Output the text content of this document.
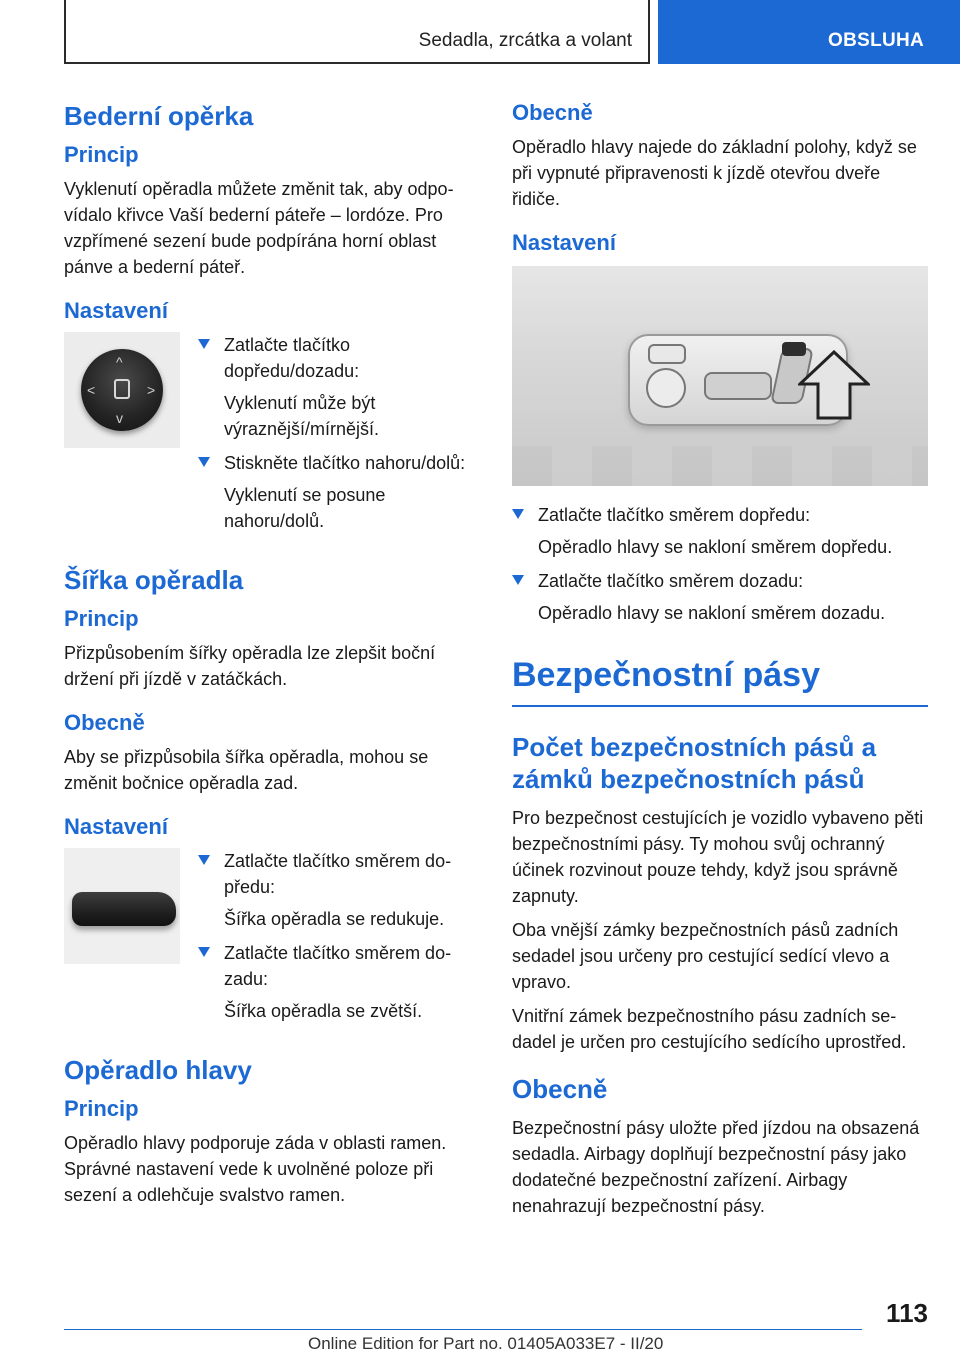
Sedadla, zrcátka a volant	OBSLUHA
Bederní opěrka
Princip

Vyklenutí opěradla můžete změnit tak, aby odpovídalo křivce Vaší bederní páteře – lordóze. Pro vzpřímené sezení bude podpírána horní oblast pánve a bederní páteř.

Nastavení
^
v
<	>
Zatlačte tlačítko dopředu/dozadu:
Vyklenutí může být výraznější/mírnější.
Stiskněte tlačítko nahoru/dolů:
Vyklenutí se posune nahoru/dolů.
Šířka opěradla
Princip

Přizpůsobením šířky opěradla lze zlepšit boční držení při jízdě v zatáčkách.

Obecně

Aby se přizpůsobila šířka opěradla, mohou se změnit bočnice opěradla zad.

Nastavení
Zatlačte tlačítko směrem dopředu:
Šířka opěradla se redukuje.
Zatlačte tlačítko směrem dozadu:
Šířka opěradla se zvětší.
Opěradlo hlavy
Princip

Opěradlo hlavy podporuje záda v oblasti ramen. Správné nastavení vede k uvolněné poloze při sezení a odlehčuje svalstvo ramen.

Obecně

Opěradlo hlavy najede do základní polohy, když se při vypnuté připravenosti k jízdě otevřou dveře řidiče.

Nastavení
Zatlačte tlačítko směrem dopředu:
Opěradlo hlavy se nakloní směrem dopředu.
Zatlačte tlačítko směrem dozadu:
Opěradlo hlavy se nakloní směrem dozadu.
Bezpečnostní pásy
Počet bezpečnostních pásů a zámků bezpečnostních pásů

Pro bezpečnost cestujících je vozidlo vybaveno pěti bezpečnostními pásy. Ty mohou svůj ochranný účinek rozvinout pouze tehdy, když jsou správně zapnuty.

Oba vnější zámky bezpečnostních pásů zadních sedadel jsou určeny pro cestující sedící vlevo a vpravo.

Vnitřní zámek bezpečnostního pásu zadních sedadel je určen pro cestujícího sedícího uprostřed.

Obecně

Bezpečnostní pásy uložte před jízdou na obsazená sedadla. Airbagy doplňují bezpečnostní pásy jako dodatečné bezpečnostní zařízení. Airbagy nenahrazují bezpečnostní pásy.

113
Online Edition for Part no. 01405A033E7 - II/20
